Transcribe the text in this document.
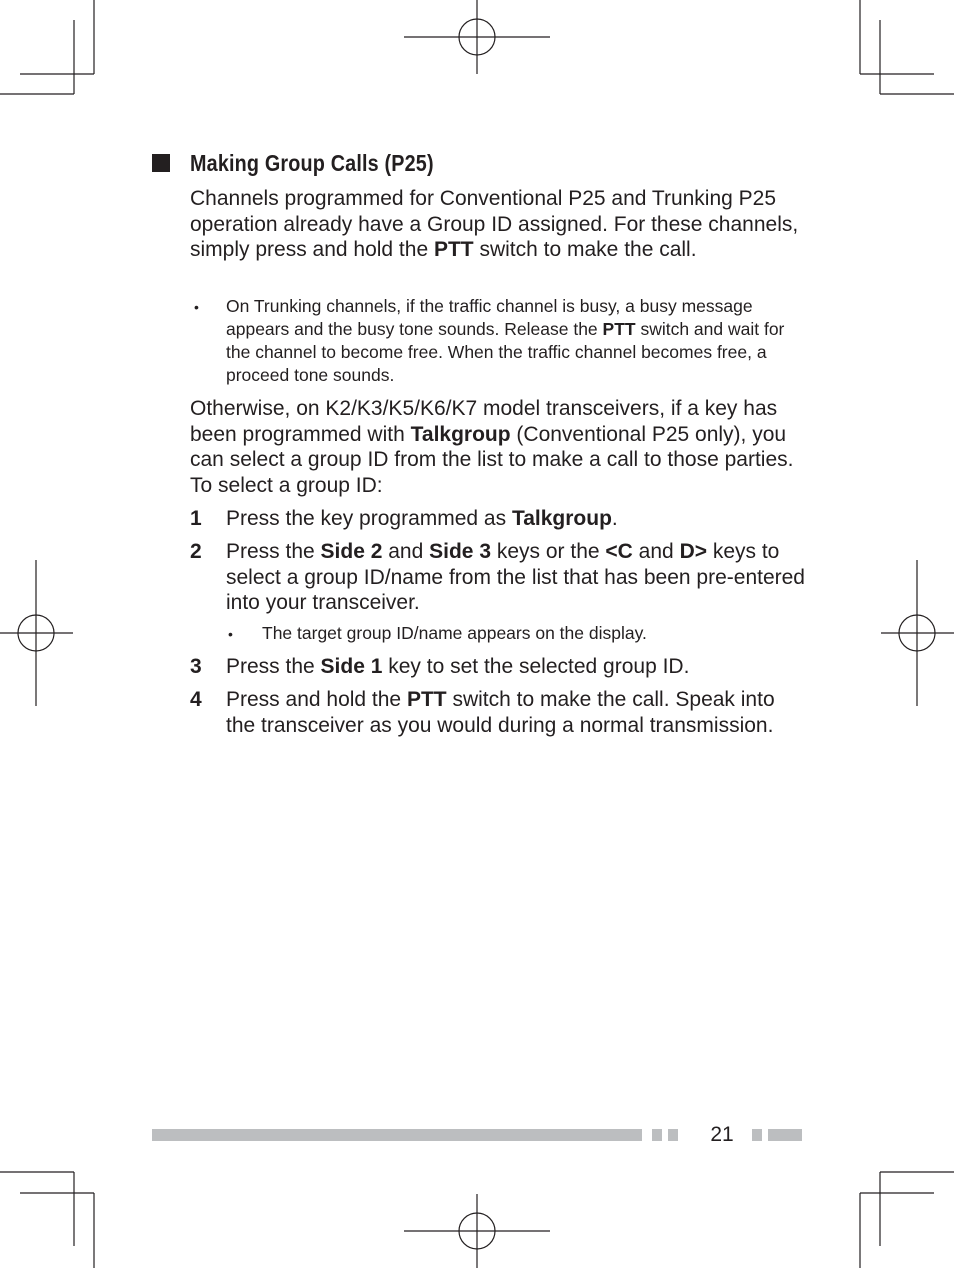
Making Group Calls (P25)
Channels programmed for Conventional P25 and Trunking P25 operation already have a Group ID assigned. For these channels, simply press and hold the PTT switch to make the call.
• On Trunking channels, if the traffic channel is busy, a busy message appears and the busy tone sounds. Release the PTT switch and wait for the channel to become free. When the traffic channel becomes free, a proceed tone sounds.
Otherwise, on K2/K3/K5/K6/K7 model transceivers, if a key has been programmed with Talkgroup (Conventional P25 only), you can select a group ID from the list to make a call to those parties. To select a group ID:
1 Press the key programmed as Talkgroup.
2 Press the Side 2 and Side 3 keys or the <C and D> keys to select a group ID/name from the list that has been pre-entered into your transceiver.
• The target group ID/name appears on the display.
3 Press the Side 1 key to set the selected group ID.
4 Press and hold the PTT switch to make the call. Speak into the transceiver as you would during a normal transmission.
21
